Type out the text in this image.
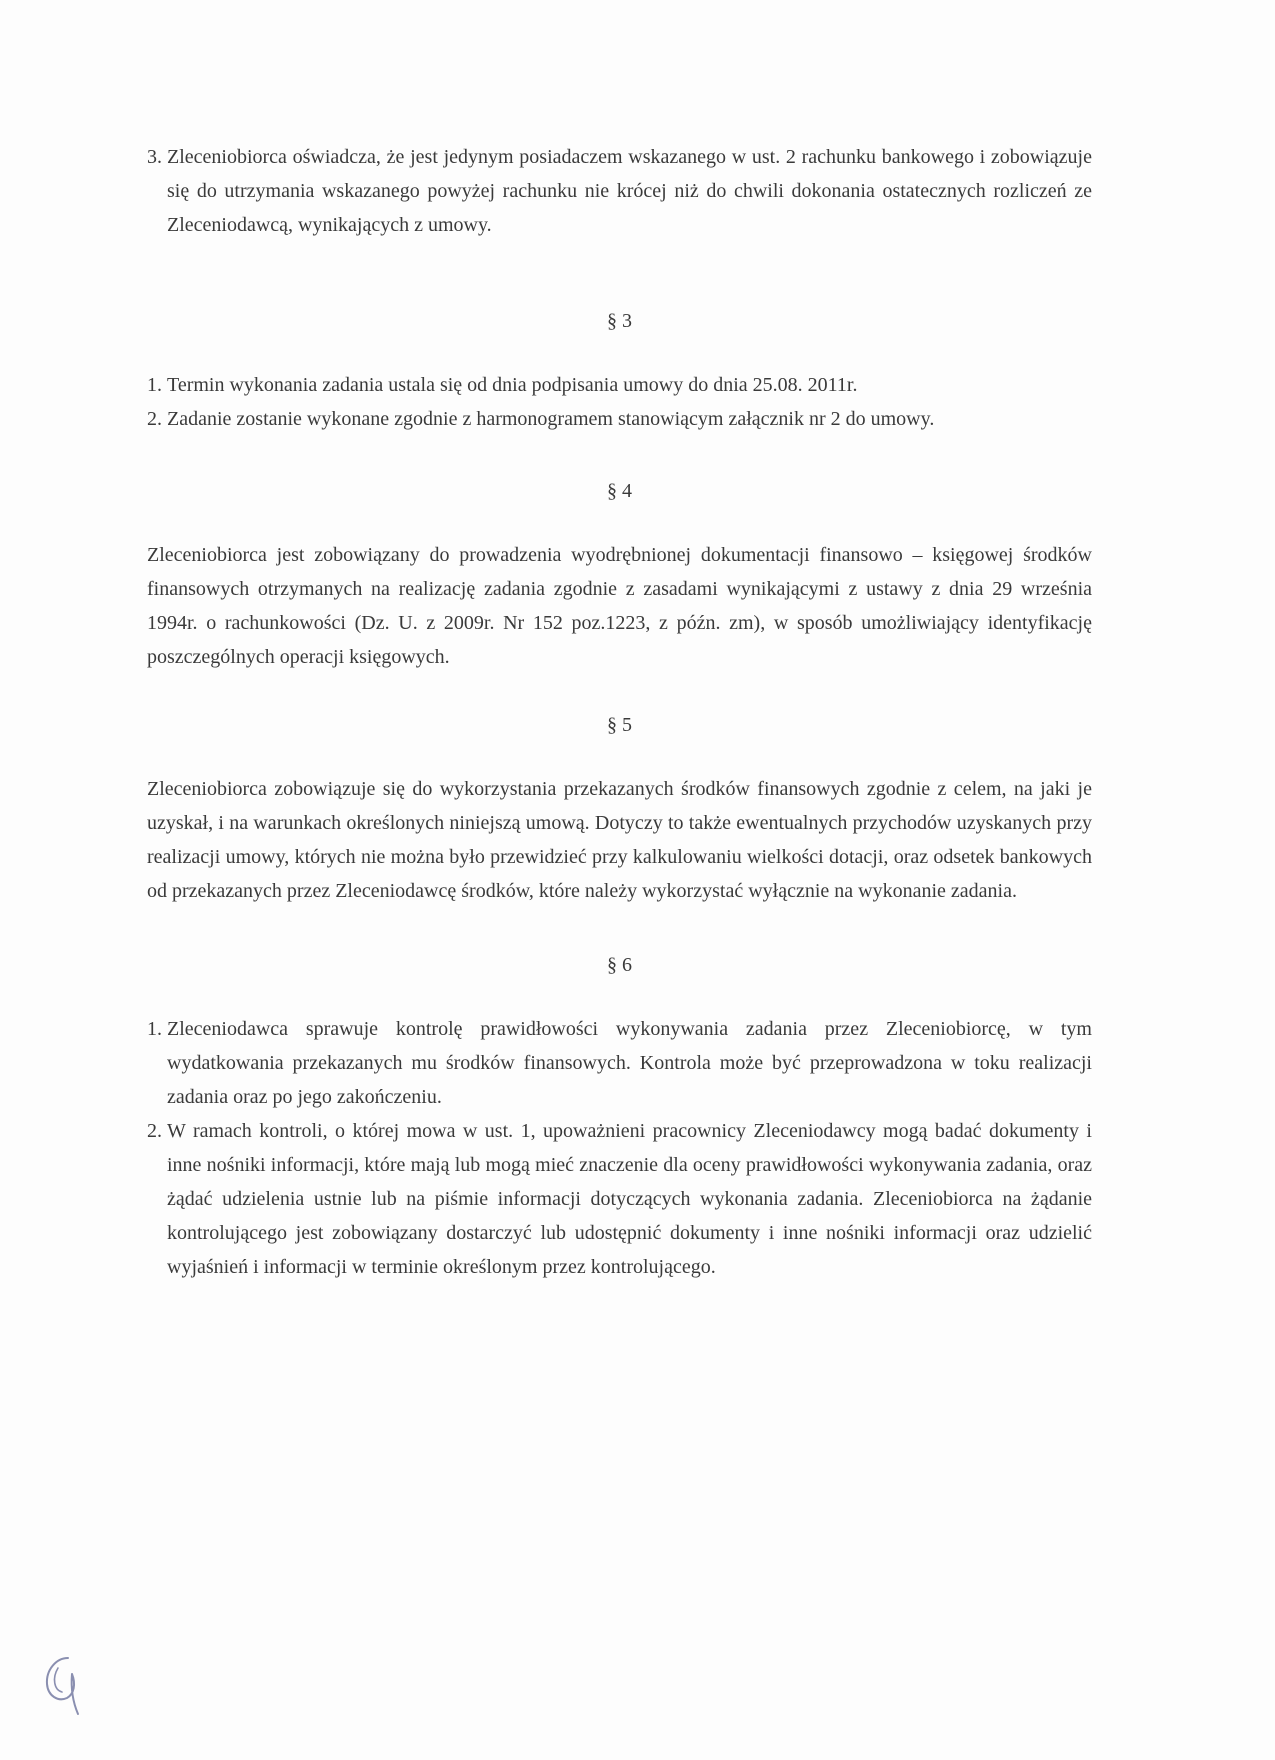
3. Zleceniobiorca oświadcza, że jest jedynym posiadaczem wskazanego w ust. 2 rachunku bankowego i zobowiązuje się do utrzymania wskazanego powyżej rachunku nie krócej niż do chwili dokonania ostatecznych rozliczeń ze Zleceniodawcą, wynikających z umowy.

§ 3

1. Termin wykonania zadania ustala się od dnia podpisania umowy do dnia 25.08. 2011r.
2. Zadanie zostanie wykonane zgodnie z harmonogramem stanowiącym załącznik nr 2 do umowy.

§ 4

Zleceniobiorca jest zobowiązany do prowadzenia wyodrębnionej dokumentacji finansowo – księgowej środków finansowych otrzymanych na realizację zadania zgodnie z zasadami wynikającymi z ustawy z dnia 29 września 1994r. o rachunkowości (Dz. U. z 2009r. Nr 152 poz.1223, z późn. zm), w sposób umożliwiający identyfikację poszczególnych operacji księgowych.

§ 5

Zleceniobiorca zobowiązuje się do wykorzystania przekazanych środków finansowych zgodnie z celem, na jaki je uzyskał, i na warunkach określonych niniejszą umową. Dotyczy to także ewentualnych przychodów uzyskanych przy realizacji umowy, których nie można było przewidzieć przy kalkulowaniu wielkości dotacji, oraz odsetek bankowych od przekazanych przez Zleceniodawcę środków, które należy wykorzystać wyłącznie na wykonanie zadania.

§ 6

1. Zleceniodawca sprawuje kontrolę prawidłowości wykonywania zadania przez Zleceniobiorcę, w tym wydatkowania przekazanych mu środków finansowych. Kontrola może być przeprowadzona w toku realizacji zadania oraz po jego zakończeniu.
2. W ramach kontroli, o której mowa w ust. 1, upoważnieni pracownicy Zleceniodawcy mogą badać dokumenty i inne nośniki informacji, które mają lub mogą mieć znaczenie dla oceny prawidłowości wykonywania zadania, oraz żądać udzielenia ustnie lub na piśmie informacji dotyczących wykonania zadania. Zleceniobiorca na żądanie kontrolującego jest zobowiązany dostarczyć lub udostępnić dokumenty i inne nośniki informacji oraz udzielić wyjaśnień i informacji w terminie określonym przez kontrolującego.
